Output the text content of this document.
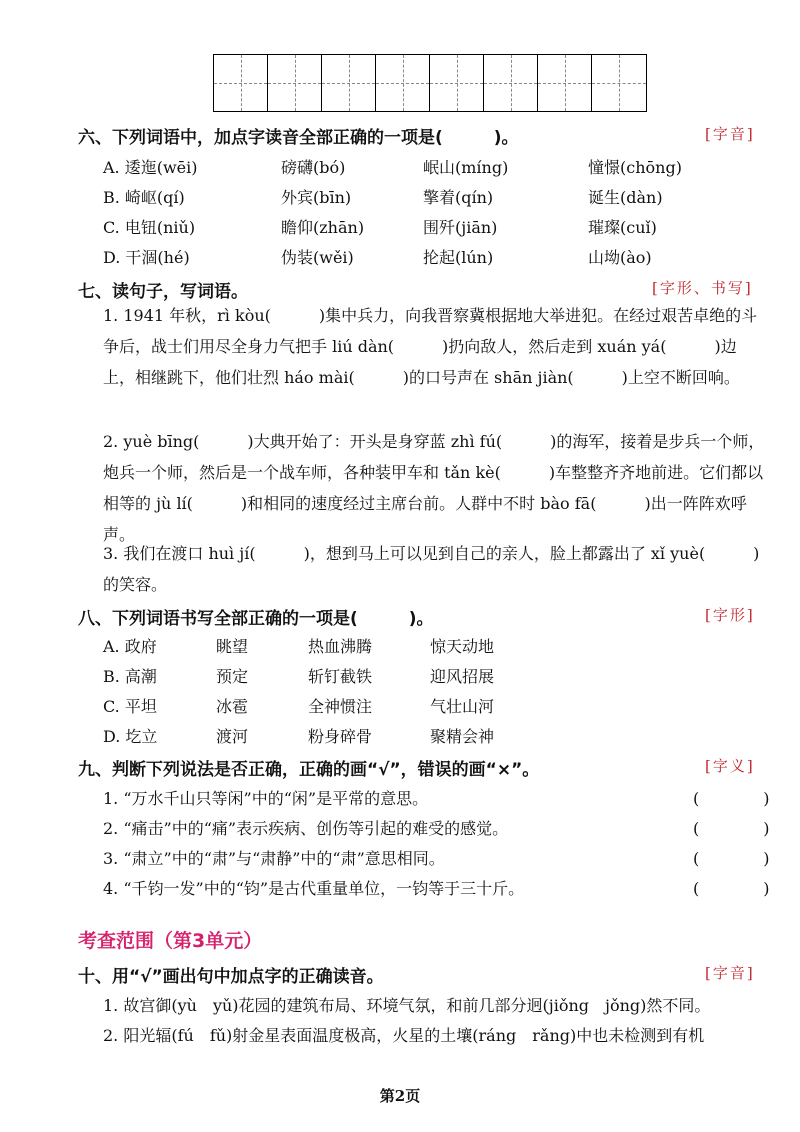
六、下列词语中，加点字读音全部正确的一项是(　　　)。	[字音]
A. 逶迤(wēi)	磅礴(bó)	岷山(míng)	憧憬(chōng)
B. 崎岖(qí)	外宾(bīn)	擎着(qín)	诞生(dàn)
C. 电钮(niǔ)	瞻仰(zhān)	围歼(jiān)	璀璨(cuǐ)
D. 干涸(hé)	伪装(wěi)	抡起(lún)	山坳(ào)
七、读句子，写词语。	[字形、书写]
1. 1941 年秋，rì kòu(　　　)集中兵力，向我晋察冀根据地大举进犯。在经过艰苦卓绝的斗争后，战士们用尽全身力气把手 liú dàn(　　　)扔向敌人，然后走到 xuán yá(　　　)边上，相继跳下，他们壮烈 háo mài(　　　)的口号声在 shān jiàn(　　　)上空不断回响。
2. yuè bīng(　　　)大典开始了：开头是身穿蓝 zhì fú(　　　)的海军，接着是步兵一个师，炮兵一个师，然后是一个战车师，各种装甲车和 tǎn kè(　　　)车整整齐齐地前进。它们都以相等的 jù lí(　　　)和相同的速度经过主席台前。人群中不时 bào fā(　　　)出一阵阵欢呼声。
3. 我们在渡口 huì jí(　　　)，想到马上可以见到自己的亲人，脸上都露出了 xǐ yuè(　　　)的笑容。
八、下列词语书写全部正确的一项是(　　　)。	[字形]
A. 政府	眺望	热血沸腾	惊天动地
B. 高潮	预定	斩钉截铁	迎风招展
C. 平坦	冰雹	全神惯注	气壮山河
D. 圪立	渡河	粉身碎骨	聚精会神
九、判断下列说法是否正确，正确的画“√”，错误的画“×”。	[字义]
1. “万水千山只等闲”中的“闲”是平常的意思。	(　　　　)
2. “痛击”中的“痛”表示疾病、创伤等引起的难受的感觉。	(　　　　)
3. “肃立”中的“肃”与“肃静”中的“肃”意思相同。	(　　　　)
4. “千钧一发”中的“钧”是古代重量单位，一钧等于三十斤。	(　　　　)
考查范围（第3单元）
十、用“√”画出句中加点字的正确读音。	[字音]
1. 故宫御(yù　yǔ)花园的建筑布局、环境气氛，和前几部分迥(jiǒng　jǒng)然不同。
2. 阳光辐(fú　fǔ)射金星表面温度极高，火星的土壤(ráng　rǎng)中也未检测到有机
第2页
